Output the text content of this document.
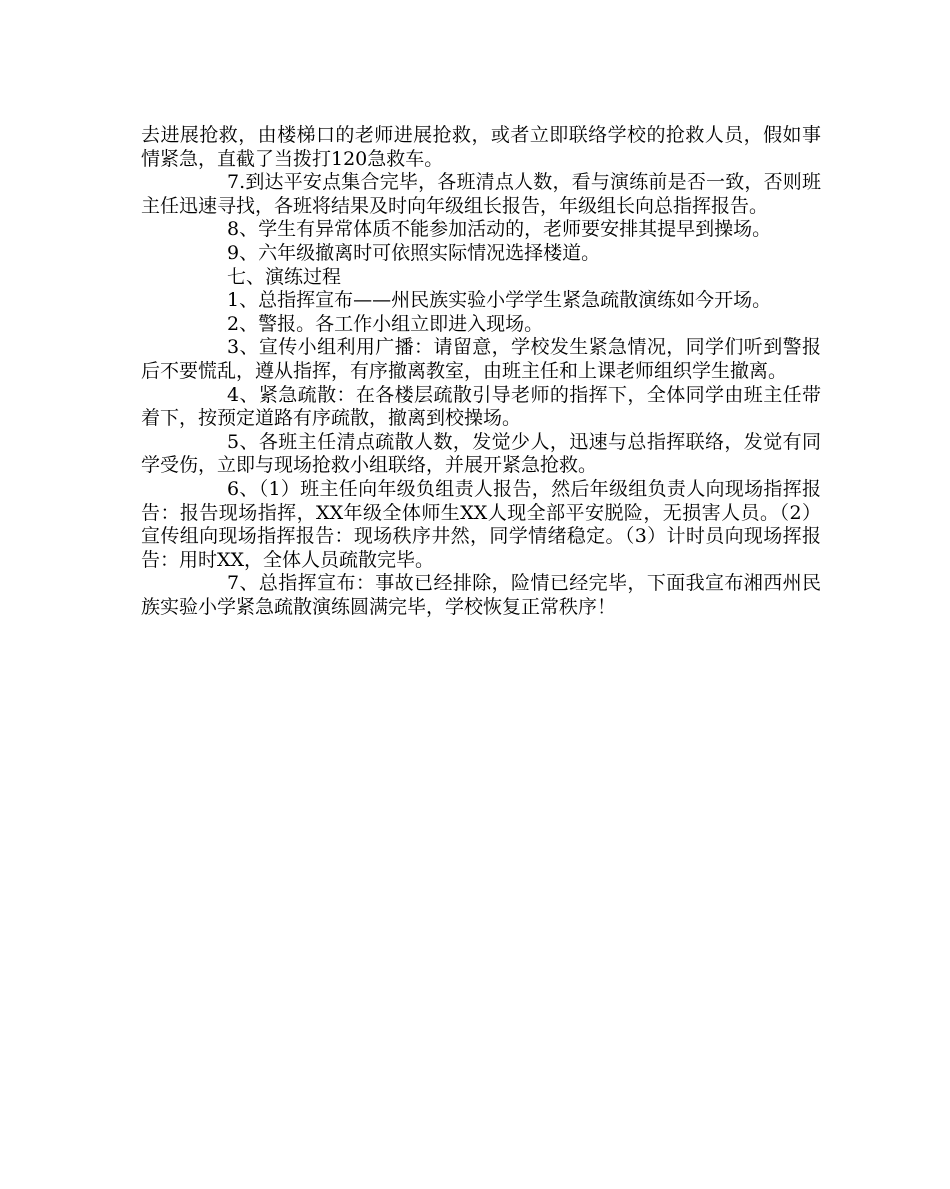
去进展抢救，由楼梯口的老师进展抢救，或者立即联络学校的抢救人员，假如事情紧急，直截了当拨打120急救车。

7.到达平安点集合完毕，各班清点人数，看与演练前是否一致，否则班主任迅速寻找，各班将结果及时向年级组长报告，年级组长向总指挥报告。

8、学生有异常体质不能参加活动的，老师要安排其提早到操场。

9、六年级撤离时可依照实际情况选择楼道。

七、演练过程

1、总指挥宣布——州民族实验小学学生紧急疏散演练如今开场。

2、警报。各工作小组立即进入现场。

3、宣传小组利用广播：请留意，学校发生紧急情况，同学们听到警报后不要慌乱，遵从指挥，有序撤离教室，由班主任和上课老师组织学生撤离。

4、紧急疏散：在各楼层疏散引导老师的指挥下，全体同学由班主任带着下，按预定道路有序疏散，撤离到校操场。

5、各班主任清点疏散人数，发觉少人，迅速与总指挥联络，发觉有同学受伤，立即与现场抢救小组联络，并展开紧急抢救。

6、（1）班主任向年级负组责人报告，然后年级组负责人向现场指挥报告：报告现场指挥，XX年级全体师生XX人现全部平安脱险，无损害人员。（2）宣传组向现场指挥报告：现场秩序井然，同学情绪稳定。（3）计时员向现场挥报告：用时XX，全体人员疏散完毕。

7、总指挥宣布：事故已经排除，险情已经完毕，下面我宣布湘西州民族实验小学紧急疏散演练圆满完毕，学校恢复正常秩序！
